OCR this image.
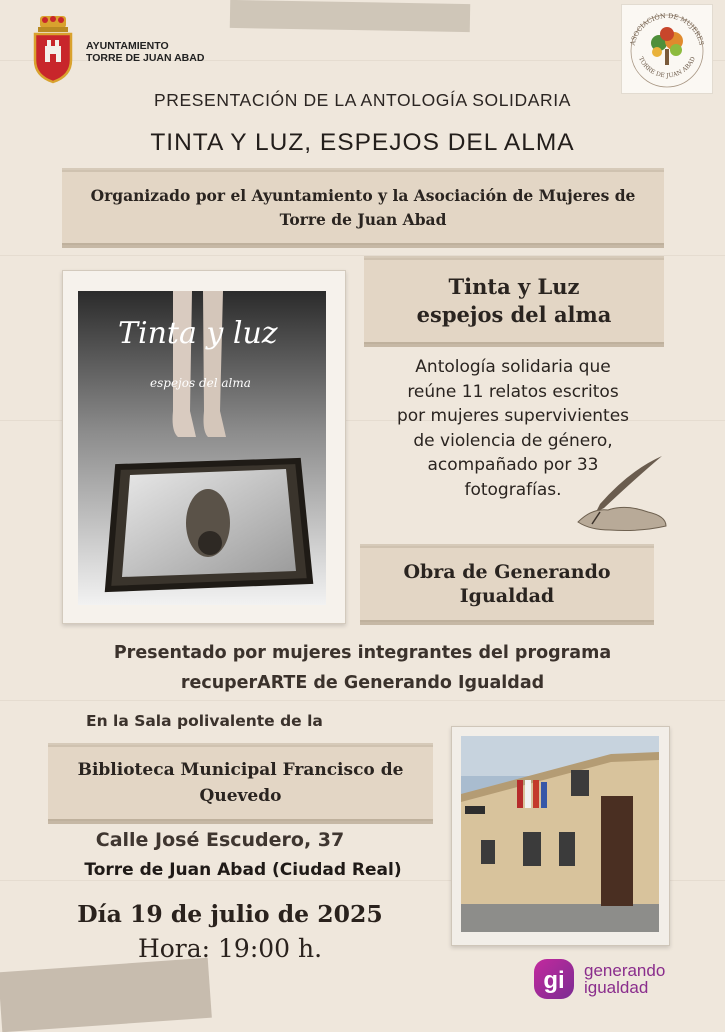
AYUNTAMIENTO
TORRE DE JUAN ABAD
ASOCIACIÓN DE MUJERES
TORRE DE JUAN ABAD
PRESENTACIÓN DE LA ANTOLOGÍA SOLIDARIA
TINTA Y LUZ, ESPEJOS DEL ALMA
Organizado por el Ayuntamiento y la Asociación de Mujeres de
Torre de Juan Abad
Tinta y luz
espejos del alma
Tinta y Luz
espejos del alma
Antología solidaria que
reúne 11 relatos escritos
por mujeres supervivientes
de violencia de género,
acompañado por 33
fotografías.
Obra de Generando
Igualdad
Presentado por mujeres integrantes del programa
recuperARTE de Generando Igualdad
En la Sala polivalente de la
Biblioteca Municipal Francisco de
Quevedo
Calle José Escudero, 37
Torre de Juan Abad (Ciudad Real)
Día 19 de julio de 2025
Hora: 19:00 h.
gi generando
igualdad
